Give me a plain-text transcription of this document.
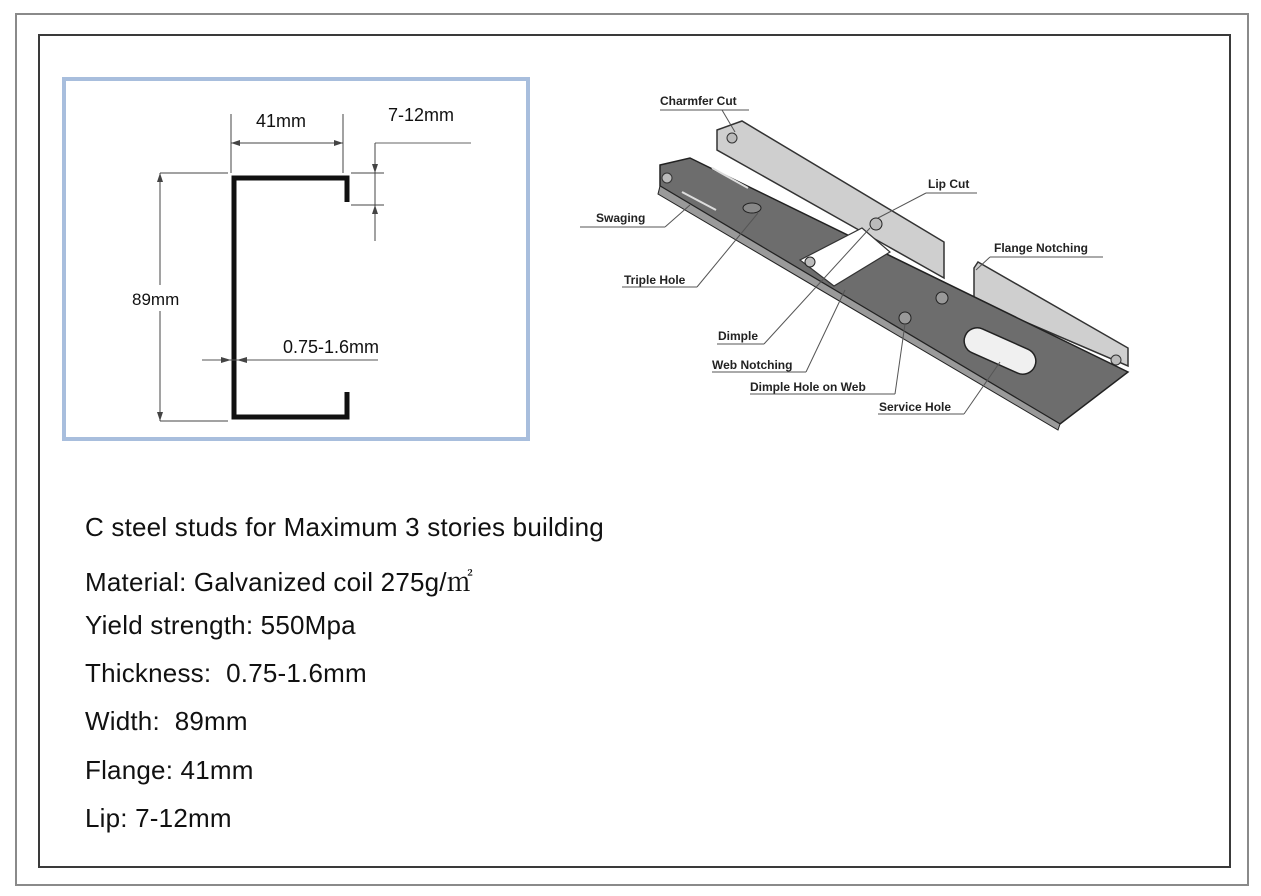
41mm	7-12mm
89mm
0.75-1.6mm
Charmfer Cut
Lip Cut
Swaging
Flange Notching
Triple Hole
Dimple
Web Notching
Dimple Hole on Web
Service Hole
C steel studs for Maximum 3 stories building
Material: Galvanized coil 275g/㎡
Yield strength: 550Mpa
Thickness:  0.75-1.6mm
Width:  89mm
Flange: 41mm
Lip: 7-12mm
